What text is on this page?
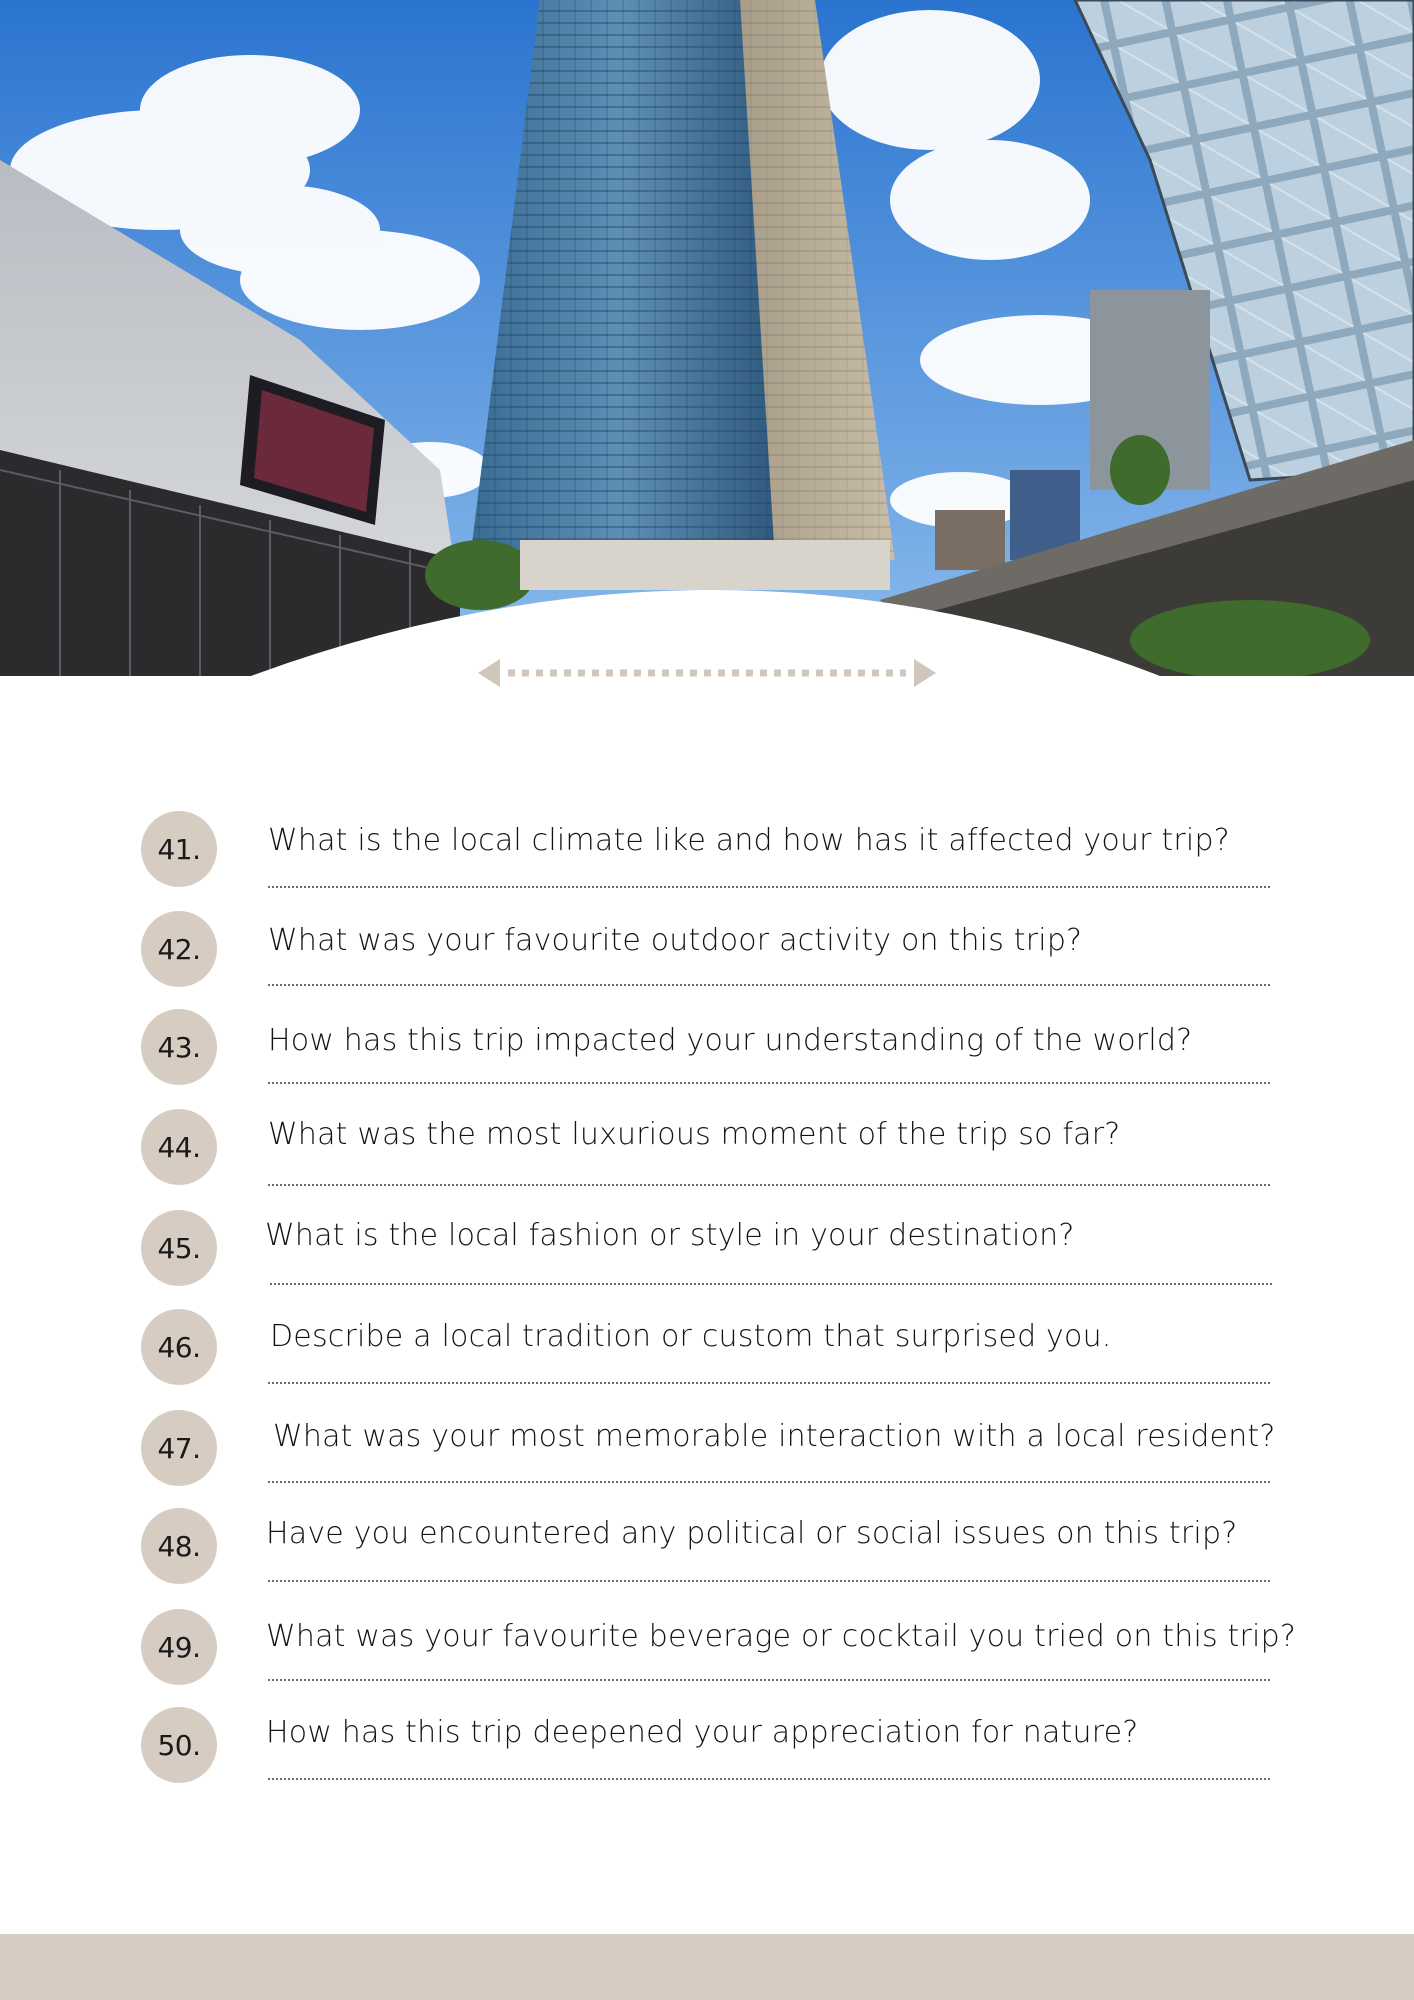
41.	What is the local climate like and how has it affected your trip?
42.	What was your favourite outdoor activity on this trip?
43.	How has this trip impacted your understanding of the world?
44.	What was the most luxurious moment of the trip so far?
45.	What is the local fashion or style in your destination?
46.	Describe a local tradition or custom that surprised you.
47.	What was your most memorable interaction with a local resident?
48.	Have you encountered any political or social issues on this trip?
49.	What was your favourite beverage or cocktail you tried on this trip?
50.	How has this trip deepened your appreciation for nature?
